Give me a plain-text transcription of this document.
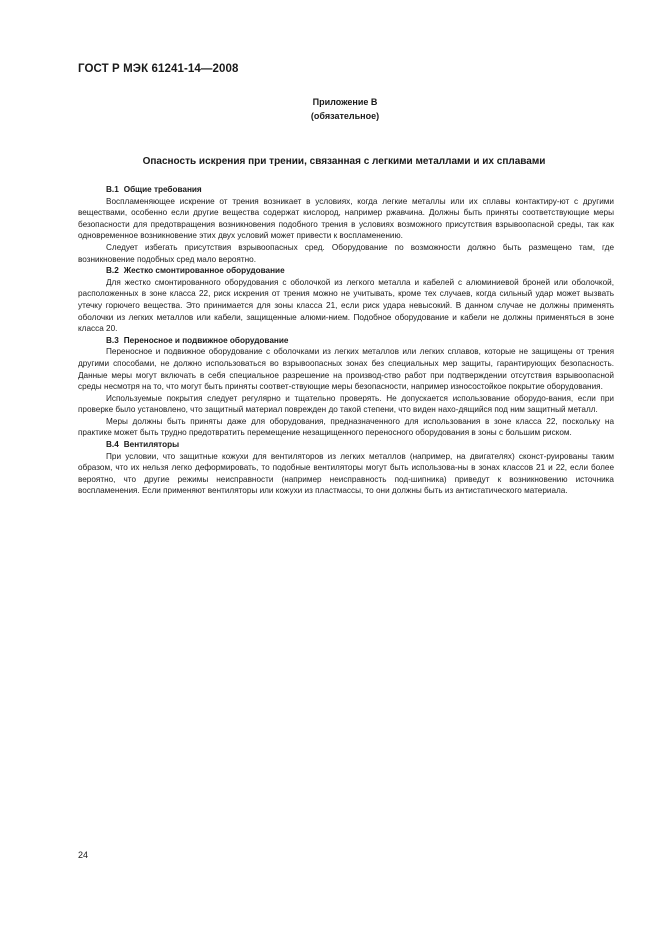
ГОСТ Р МЭК 61241-14—2008
Приложение В
(обязательное)
Опасность искрения при трении, связанная с легкими металлами и их сплавами
В.1 Общие требования

Воспламеняющее искрение от трения возникает в условиях, когда легкие металлы или их сплавы контактиру-ют с другими веществами, особенно если другие вещества содержат кислород, например ржавчина. Должны быть приняты соответствующие меры безопасности для предотвращения возникновения подобного трения в условиях возможного присутствия взрывоопасной среды, так как одновременное возникновение этих двух условий может привести к воспламенению.

Следует избегать присутствия взрывоопасных сред. Оборудование по возможности должно быть размещено там, где возникновение подобных сред мало вероятно.

В.2 Жестко смонтированное оборудование

Для жестко смонтированного оборудования с оболочкой из легкого металла и кабелей с алюминиевой броней или оболочкой, расположенных в зоне класса 22, риск искрения от трения можно не учитывать, кроме тех случаев, когда сильный удар может вызвать утечку горючего вещества. Это принимается для зоны класса 21, если риск удара невысокий. В данном случае не должны применять оболочки из легких металлов или кабели, защищенные алюми-нием. Подобное оборудование и кабели не должны применяться в зоне класса 20.

В.3 Переносное и подвижное оборудование

Переносное и подвижное оборудование с оболочками из легких металлов или легких сплавов, которые не защищены от трения другими способами, не должно использоваться во взрывоопасных зонах без специальных мер защиты, гарантирующих безопасность. Данные меры могут включать в себя специальное разрешение на производ-ство работ при подтверждении отсутствия взрывоопасной среды несмотря на то, что могут быть приняты соответ-ствующие меры безопасности, например износостойкое покрытие оборудования.

Используемые покрытия следует регулярно и тщательно проверять. Не допускается использование оборудо-вания, если при проверке было установлено, что защитный материал поврежден до такой степени, что виден нахо-дящийся под ним защитный металл.

Меры должны быть приняты даже для оборудования, предназначенного для использования в зоне класса 22, поскольку на практике может быть трудно предотвратить перемещение незащищенного переносного оборудования в зоны с большим риском.

В.4 Вентиляторы

При условии, что защитные кожухи для вентиляторов из легких металлов (например, на двигателях) сконст-руированы таким образом, что их нельзя легко деформировать, то подобные вентиляторы могут быть использова-ны в зонах классов 21 и 22, если более вероятно, что другие режимы неисправности (например неисправность под-шипника) приведут к возникновению источника воспламенения. Если применяют вентиляторы или кожухи из пластмассы, то они должны быть из антистатического материала.

24
